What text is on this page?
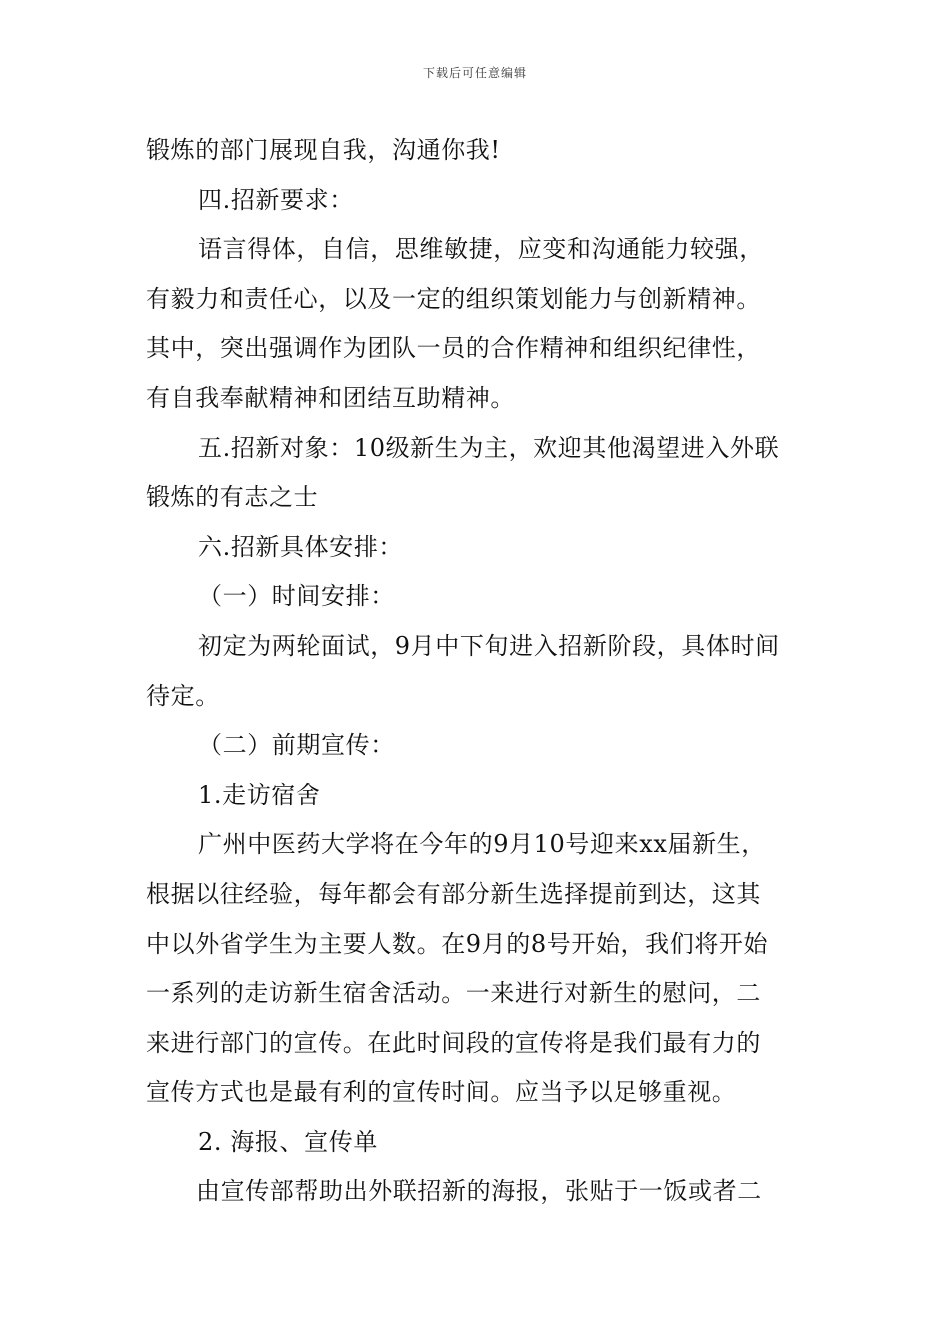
下载后可任意编辑
锻炼的部门展现自我，沟通你我!
四.招新要求：
语言得体，自信，思维敏捷，应变和沟通能力较强，
有毅力和责任心，以及一定的组织策划能力与创新精神。
其中，突出强调作为团队一员的合作精神和组织纪律性，
有自我奉献精神和团结互助精神。
五.招新对象：10级新生为主，欢迎其他渴望进入外联
锻炼的有志之士
六.招新具体安排：
（一）时间安排：
初定为两轮面试，9月中下旬进入招新阶段，具体时间
待定。
（二）前期宣传：
1.走访宿舍
广州中医药大学将在今年的9月10号迎来xx届新生，
根据以往经验，每年都会有部分新生选择提前到达，这其
中以外省学生为主要人数。在9月的8号开始，我们将开始
一系列的走访新生宿舍活动。一来进行对新生的慰问，二
来进行部门的宣传。在此时间段的宣传将是我们最有力的
宣传方式也是最有利的宣传时间。应当予以足够重视。
2. 海报、宣传单
由宣传部帮助出外联招新的海报，张贴于一饭或者二
